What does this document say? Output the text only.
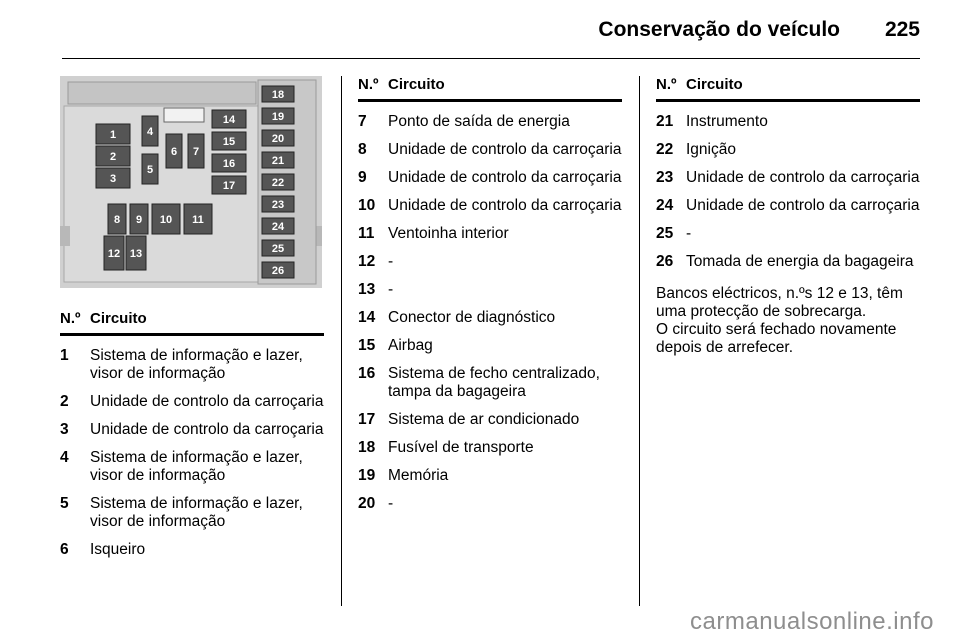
Conservação do veículo 225
1
2
3
4
5
6 7
8 9 10 11
12 13
14
15
16
17
18
19
20
21
22
23
24
25
26
N.º Circuito
1	Sistema de informação e lazer, visor de informação
2	Unidade de controlo da carroçaria
3	Unidade de controlo da carroçaria
4	Sistema de informação e lazer, visor de informação
5	Sistema de informação e lazer, visor de informação
6	Isqueiro
N.º Circuito
7	Ponto de saída de energia
8	Unidade de controlo da carroçaria
9	Unidade de controlo da carroçaria
10 Unidade de controlo da carroçaria
11 Ventoinha interior
12 -
13 -
14 Conector de diagnóstico
15 Airbag
16 Sistema de fecho centralizado, tampa da bagageira
17 Sistema de ar condicionado
18 Fusível de transporte
19 Memória
20 -
N.º Circuito
21 Instrumento
22 Ignição
23 Unidade de controlo da carroçaria
24 Unidade de controlo da carroçaria
25 -
26 Tomada de energia da bagageira

Bancos eléctricos, n.ºs 12 e 13, têm uma protecção de sobrecarga.

O circuito será fechado novamente depois de arrefecer.

carmanualsonline.info
